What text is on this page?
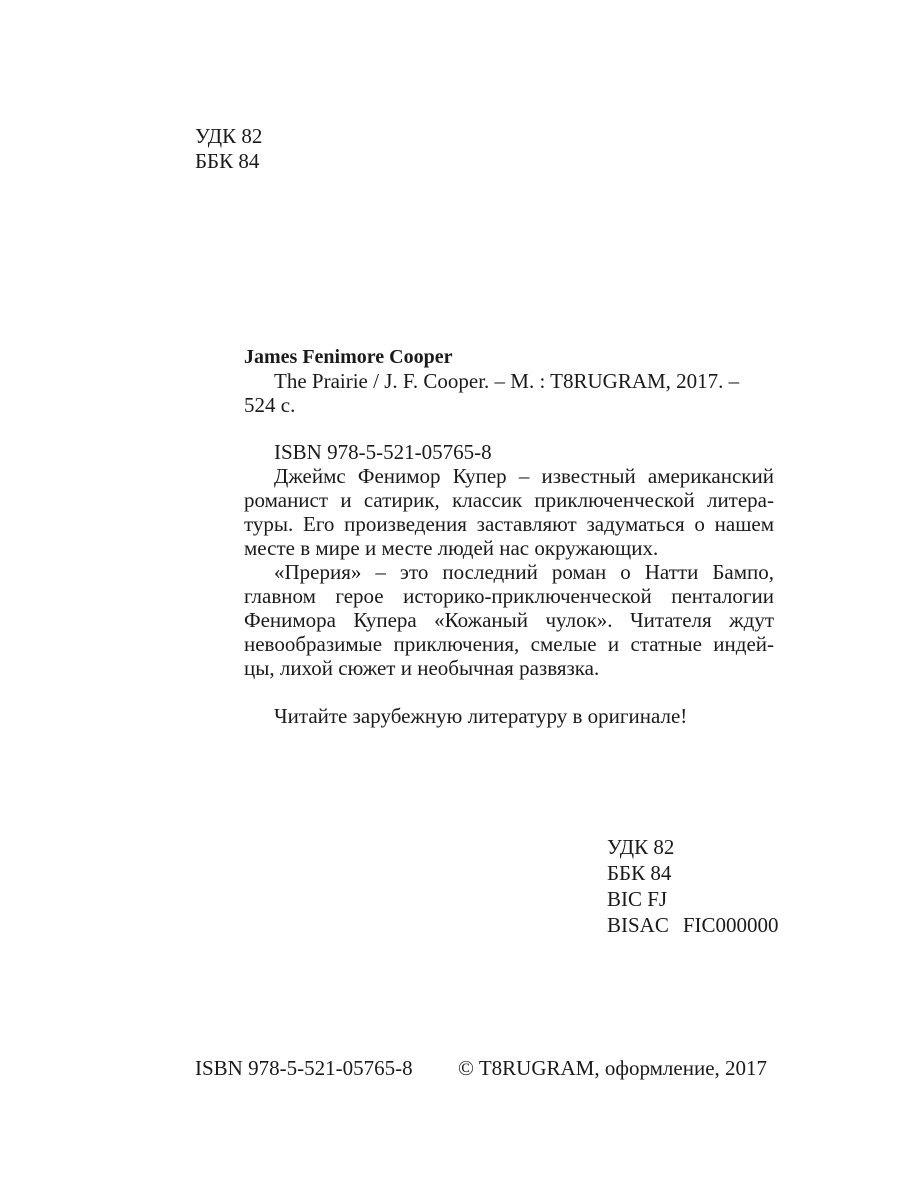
УДК 82
ББК 84
James Fenimore Cooper
The Prairie / J. F. Cooper. – M. : T8RUGRAM, 2017. –
524 с.
ISBN 978-5-521-05765-8
Джеймс Фенимор Купер – известный американский
романист и сатирик, классик приключенческой литера-
туры. Его произведения заставляют задуматься о нашем
месте в мире и месте людей нас окружающих.
«Прерия» – это последний роман о Натти Бампо,
главном герое историко-приключенческой пенталогии
Фенимора Купера «Кожаный чулок». Читателя ждут
невообразимые приключения, смелые и статные индей-
цы, лихой сюжет и необычная развязка.
Читайте зарубежную литературу в оригинале!
УДК 82
ББК 84
BIC FJ
BISAC FIC000000
ISBN 978-5-521-05765-8 © T8RUGRAM, оформление, 2017
